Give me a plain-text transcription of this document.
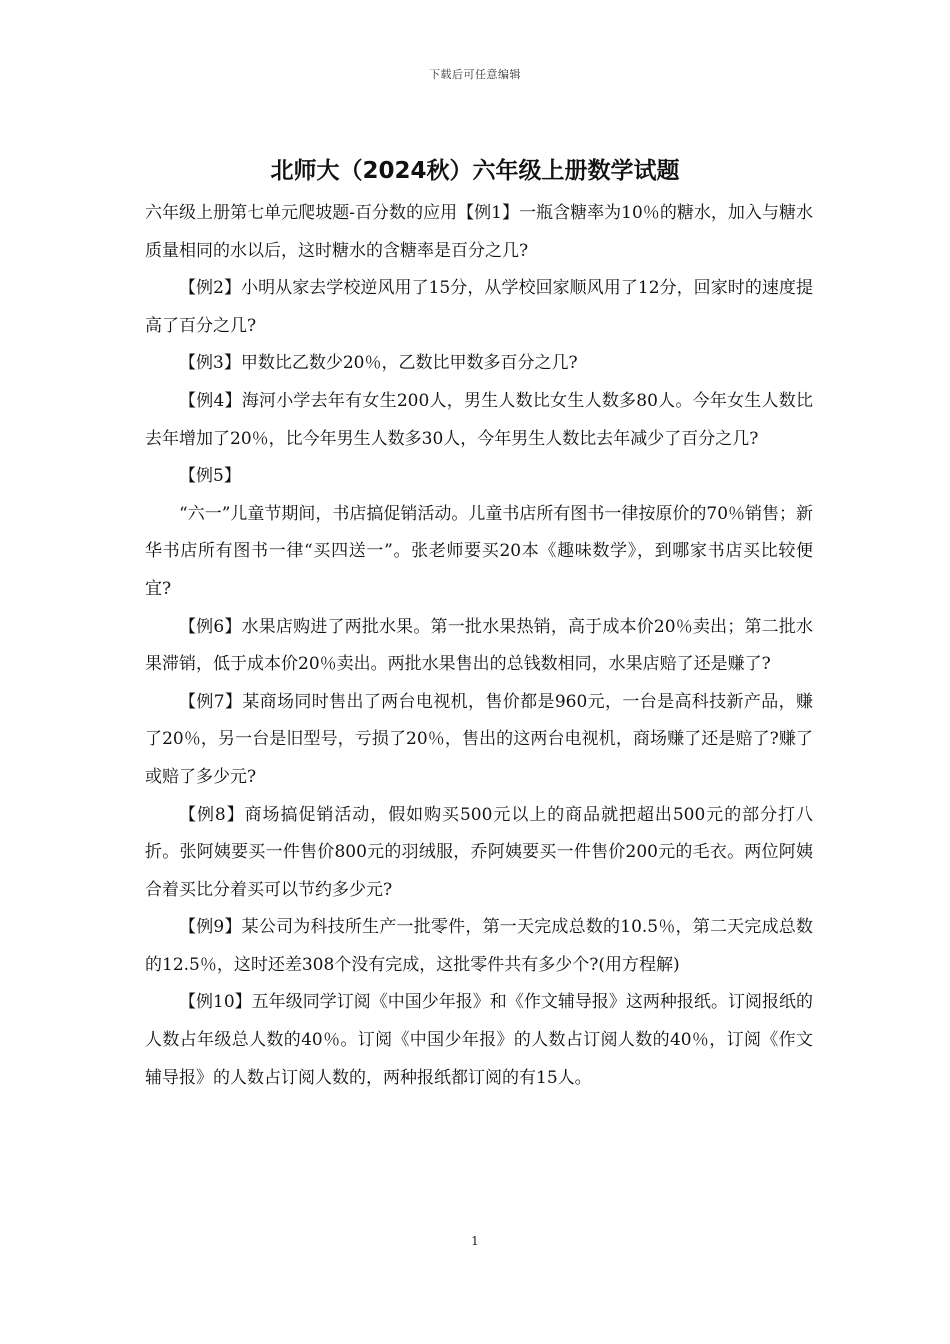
下载后可任意编辑
北师大（2024秋）六年级上册数学试题

六年级上册第七单元爬坡题-百分数的应用【例1】一瓶含糖率为10％的糖水，加入与糖水质量相同的水以后，这时糖水的含糖率是百分之几?

【例2】小明从家去学校逆风用了15分，从学校回家顺风用了12分，回家时的速度提高了百分之几?

【例3】甲数比乙数少20％，乙数比甲数多百分之几?

【例4】海河小学去年有女生200人，男生人数比女生人数多80人。今年女生人数比去年增加了20％，比今年男生人数多30人，今年男生人数比去年减少了百分之几?

【例5】

“六一”儿童节期间，书店搞促销活动。儿童书店所有图书一律按原价的70％销售；新华书店所有图书一律“买四送一”。张老师要买20本《趣味数学》，到哪家书店买比较便宜?

【例6】水果店购进了两批水果。第一批水果热销，高于成本价20％卖出；第二批水果滞销，低于成本价20％卖出。两批水果售出的总钱数相同，水果店赔了还是赚了?

【例7】某商场同时售出了两台电视机，售价都是960元，一台是高科技新产品，赚了20％，另一台是旧型号，亏损了20％，售出的这两台电视机，商场赚了还是赔了?赚了或赔了多少元?

【例8】商场搞促销活动，假如购买500元以上的商品就把超出500元的部分打八折。张阿姨要买一件售价800元的羽绒服，乔阿姨要买一件售价200元的毛衣。两位阿姨合着买比分着买可以节约多少元?

【例9】某公司为科技所生产一批零件，第一天完成总数的10.5％，第二天完成总数的12.5％，这时还差308个没有完成，这批零件共有多少个?(用方程解)

【例10】五年级同学订阅《中国少年报》和《作文辅导报》这两种报纸。订阅报纸的人数占年级总人数的40％。订阅《中国少年报》的人数占订阅人数的40％，订阅《作文辅导报》的人数占订阅人数的，两种报纸都订阅的有15人。

1
